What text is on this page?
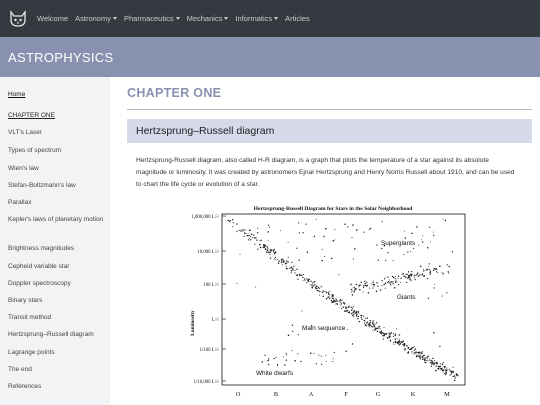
Welcome Astronomy Pharmaceutics Mechanics Informatics Articles
ASTROPHYSICS
Home
CHAPTER ONE
VLT's Laser
Types of spectrum
Wien's law
Stefan-Boltzmann's law
Parallax
Kepler's laws of planetary motion
Brightness magnitudes
Cepheid variable star
Doppler spectroscopy
Binary stars
Transit method
Hertzsprung–Russell diagram
Lagrange points
The end
References
CHAPTER ONE
Hertzsprung–Russell diagram

Hertzsprung-Russell diagram, also called H-R diagram, is a graph that plots the temperature of a star against its absolute magnitude or luminosity. It was created by astronomers Ejnar Hertzsprung and Henry Norris Russell about 1910, and can be used to chart the life cycle or evolution of a star.

Hertzsprung-Russell Diagram for Stars in the Solar Neighborhood
1,000,000 L☉
10,000 L☉
100 L☉
L☉
1/100 L☉
1/10,000 L☉
Luminosity
O	B	A	F	G	K	M
Supergiants
Giants
Main sequence
White dwarfs
